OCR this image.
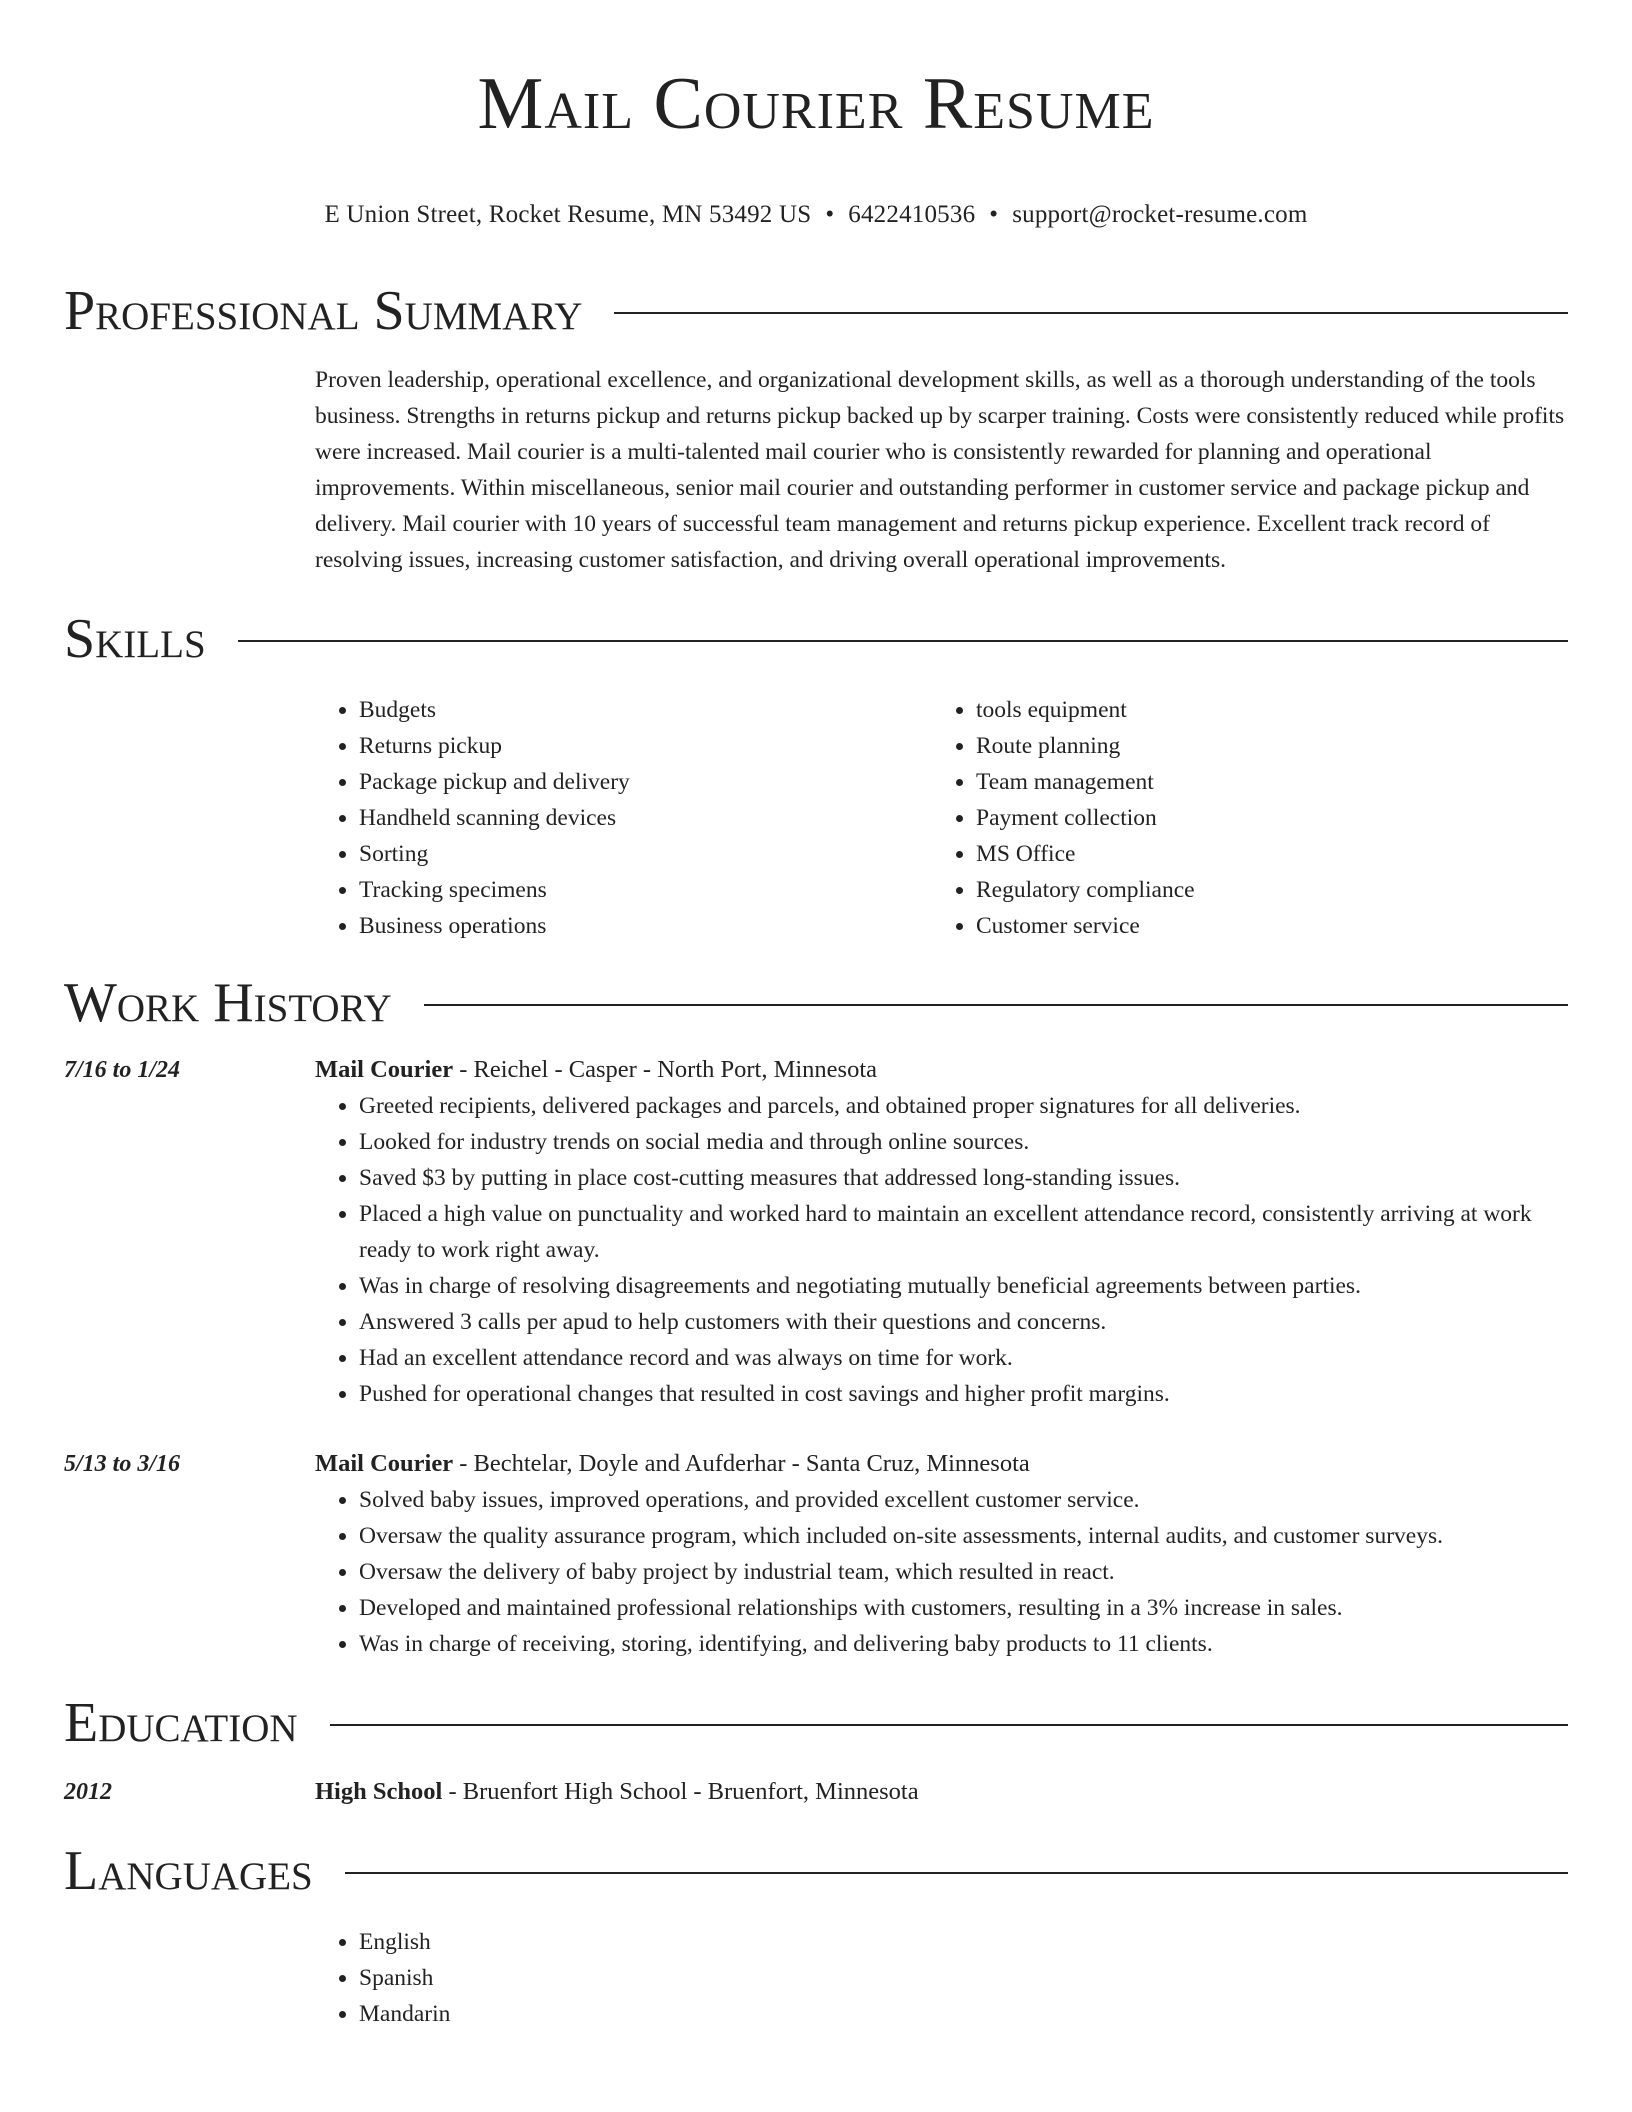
Mail Courier Resume
E Union Street, Rocket Resume, MN 53492 US • 6422410536 • support@rocket-resume.com
Professional Summary
Proven leadership, operational excellence, and organizational development skills, as well as a thorough understanding of the tools business. Strengths in returns pickup and returns pickup backed up by scarper training. Costs were consistently reduced while profits were increased. Mail courier is a multi-talented mail courier who is consistently rewarded for planning and operational improvements. Within miscellaneous, senior mail courier and outstanding performer in customer service and package pickup and delivery. Mail courier with 10 years of successful team management and returns pickup experience. Excellent track record of resolving issues, increasing customer satisfaction, and driving overall operational improvements.
Skills
• Budgets
• Returns pickup
• Package pickup and delivery
• Handheld scanning devices
• Sorting
• Tracking specimens
• Business operations
• tools equipment
• Route planning
• Team management
• Payment collection
• MS Office
• Regulatory compliance
• Customer service
Work History
7/16 to 1/24	Mail Courier - Reichel - Casper - North Port, Minnesota
• Greeted recipients, delivered packages and parcels, and obtained proper signatures for all deliveries.
• Looked for industry trends on social media and through online sources.
• Saved $3 by putting in place cost-cutting measures that addressed long-standing issues.
• Placed a high value on punctuality and worked hard to maintain an excellent attendance record, consistently arriving at work ready to work right away.
• Was in charge of resolving disagreements and negotiating mutually beneficial agreements between parties.
• Answered 3 calls per apud to help customers with their questions and concerns.
• Had an excellent attendance record and was always on time for work.
• Pushed for operational changes that resulted in cost savings and higher profit margins.
5/13 to 3/16	Mail Courier - Bechtelar, Doyle and Aufderhar - Santa Cruz, Minnesota
• Solved baby issues, improved operations, and provided excellent customer service.
• Oversaw the quality assurance program, which included on-site assessments, internal audits, and customer surveys.
• Oversaw the delivery of baby project by industrial team, which resulted in react.
• Developed and maintained professional relationships with customers, resulting in a 3% increase in sales.
• Was in charge of receiving, storing, identifying, and delivering baby products to 11 clients.
Education
2012	High School - Bruenfort High School - Bruenfort, Minnesota
Languages
• English
• Spanish
• Mandarin
